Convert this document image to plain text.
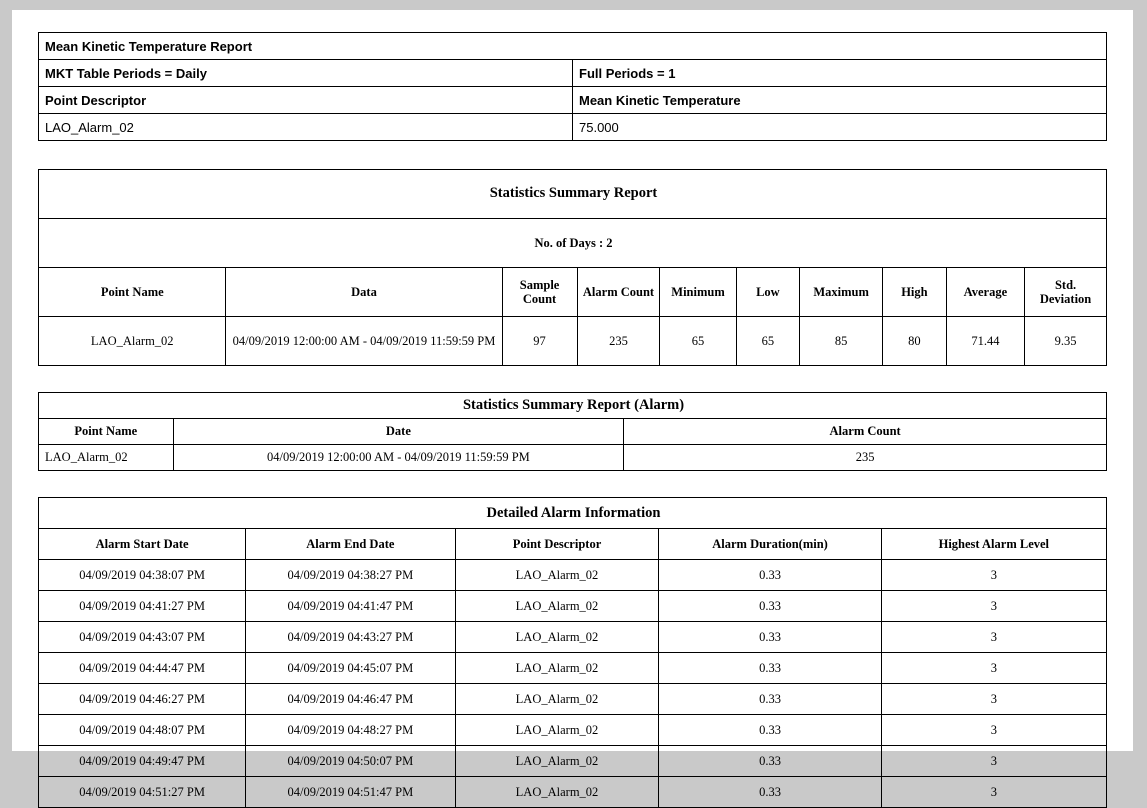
Mean Kinetic Temperature Report	
MKT Table Periods = Daily	Full Periods = 1
Point Descriptor	Mean Kinetic Temperature
LAO_Alarm_02	75.000
Statistics Summary Report									
No. of Days : 2									
Point Name	Data	Sample Count	Alarm Count	Minimum	Low	Maximum	High	Average	Std. Deviation
LAO_Alarm_02	04/09/2019 12:00:00 AM - 04/09/2019 11:59:59 PM	97	235	65	65	85	80	71.44	9.35
Statistics Summary Report (Alarm)		
Point Name	Date	Alarm Count
LAO_Alarm_02	04/09/2019 12:00:00 AM - 04/09/2019 11:59:59 PM	235
Detailed Alarm Information				
Alarm Start Date	Alarm End Date	Point Descriptor	Alarm Duration(min)	Highest Alarm Level
04/09/2019 04:38:07 PM	04/09/2019 04:38:27 PM	LAO_Alarm_02	0.33	3
04/09/2019 04:41:27 PM	04/09/2019 04:41:47 PM	LAO_Alarm_02	0.33	3
04/09/2019 04:43:07 PM	04/09/2019 04:43:27 PM	LAO_Alarm_02	0.33	3
04/09/2019 04:44:47 PM	04/09/2019 04:45:07 PM	LAO_Alarm_02	0.33	3
04/09/2019 04:46:27 PM	04/09/2019 04:46:47 PM	LAO_Alarm_02	0.33	3
04/09/2019 04:48:07 PM	04/09/2019 04:48:27 PM	LAO_Alarm_02	0.33	3
04/09/2019 04:49:47 PM	04/09/2019 04:50:07 PM	LAO_Alarm_02	0.33	3
04/09/2019 04:51:27 PM	04/09/2019 04:51:47 PM	LAO_Alarm_02	0.33	3
